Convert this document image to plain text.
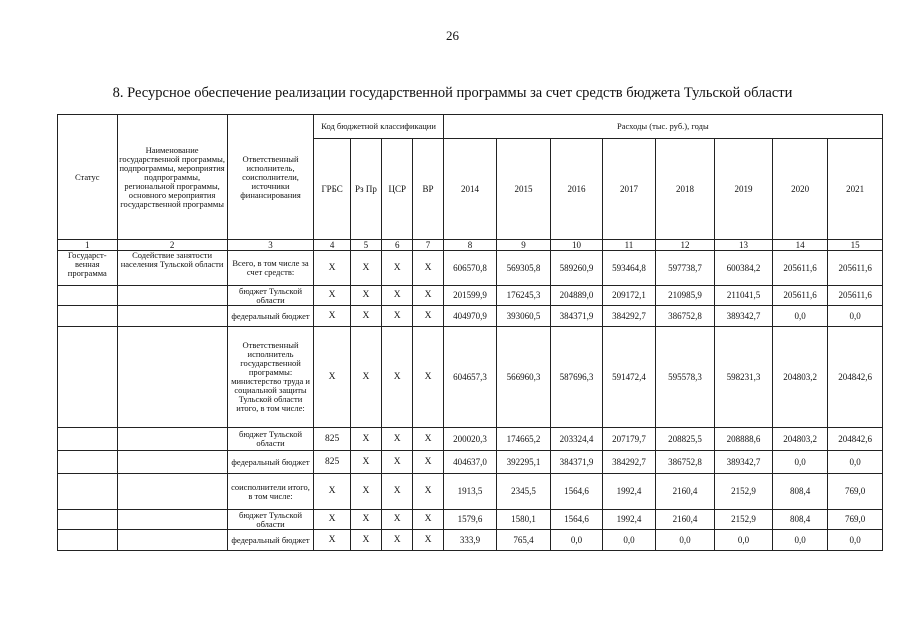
26
8. Ресурсное обеспечение реализации государственной программы за счет средств бюджета Тульской области
Статус	Наименование государственной программы, подпрограммы, мероприятия подпрограммы, региональной программы, основного мероприятия государственной программы	Ответственный исполнитель, соисполнители, источники финансирования	Код бюджетной классификации				Расходы (тыс. руб.), годы							
			ГРБС	Рз Пр	ЦСР	ВР	2014	2015	2016	2017	2018	2019	2020	2021
1	2	3	4	5	6	7	8	9	10	11	12	13	14	15
Государст-венная программа	Содействие занятости населения Тульской области	Всего, в том числе за счет средств:	X	X	X	X	606570,8	569305,8	589260,9	593464,8	597738,7	600384,2	205611,6	205611,6
		бюджет Тульской области	X	X	X	X	201599,9	176245,3	204889,0	209172,1	210985,9	211041,5	205611,6	205611,6
		федеральный бюджет	X	X	X	X	404970,9	393060,5	384371,9	384292,7	386752,8	389342,7	0,0	0,0
		Ответственный исполнитель государственной программы: министерство труда и социальной защиты Тульской области итого, в том числе:	X	X	X	X	604657,3	566960,3	587696,3	591472,4	595578,3	598231,3	204803,2	204842,6
		бюджет Тульской области	825	X	X	X	200020,3	174665,2	203324,4	207179,7	208825,5	208888,6	204803,2	204842,6
		федеральный бюджет	825	X	X	X	404637,0	392295,1	384371,9	384292,7	386752,8	389342,7	0,0	0,0
		соисполнители итого, в том числе:	X	X	X	X	1913,5	2345,5	1564,6	1992,4	2160,4	2152,9	808,4	769,0
		бюджет Тульской области	X	X	X	X	1579,6	1580,1	1564,6	1992,4	2160,4	2152,9	808,4	769,0
		федеральный бюджет	X	X	X	X	333,9	765,4	0,0	0,0	0,0	0,0	0,0	0,0
